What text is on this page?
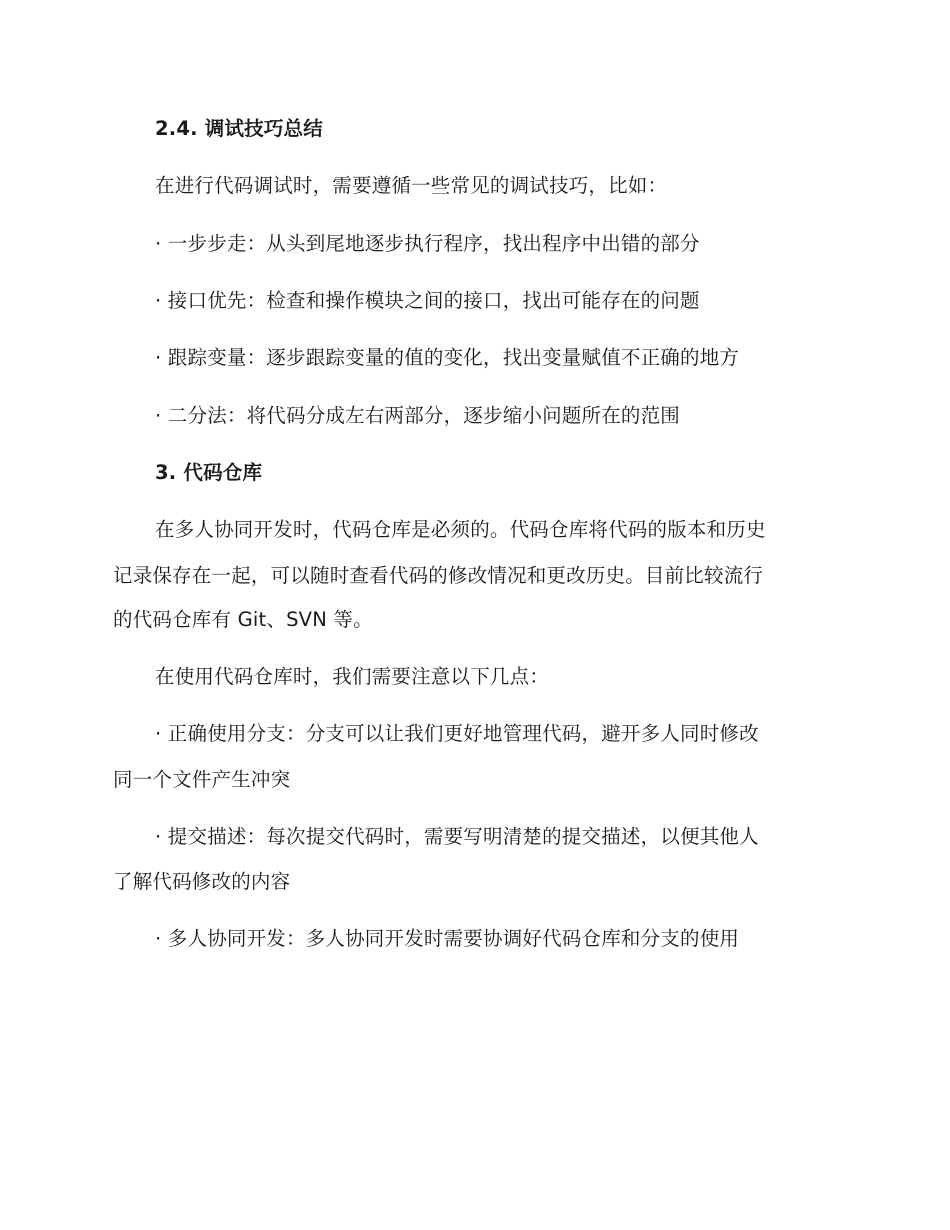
2.4. 调试技巧总结
在进行代码调试时，需要遵循一些常见的调试技巧，比如：
· 一步步走：从头到尾地逐步执行程序，找出程序中出错的部分
· 接口优先：检查和操作模块之间的接口，找出可能存在的问题
· 跟踪变量：逐步跟踪变量的值的变化，找出变量赋值不正确的地方
· 二分法：将代码分成左右两部分，逐步缩小问题所在的范围
3. 代码仓库
在多人协同开发时，代码仓库是必须的。代码仓库将代码的版本和历史
记录保存在一起，可以随时查看代码的修改情况和更改历史。目前比较流行
的代码仓库有 Git、SVN 等。
在使用代码仓库时，我们需要注意以下几点：
· 正确使用分支：分支可以让我们更好地管理代码，避开多人同时修改
同一个文件产生冲突
· 提交描述：每次提交代码时，需要写明清楚的提交描述，以便其他人
了解代码修改的内容
· 多人协同开发：多人协同开发时需要协调好代码仓库和分支的使用
